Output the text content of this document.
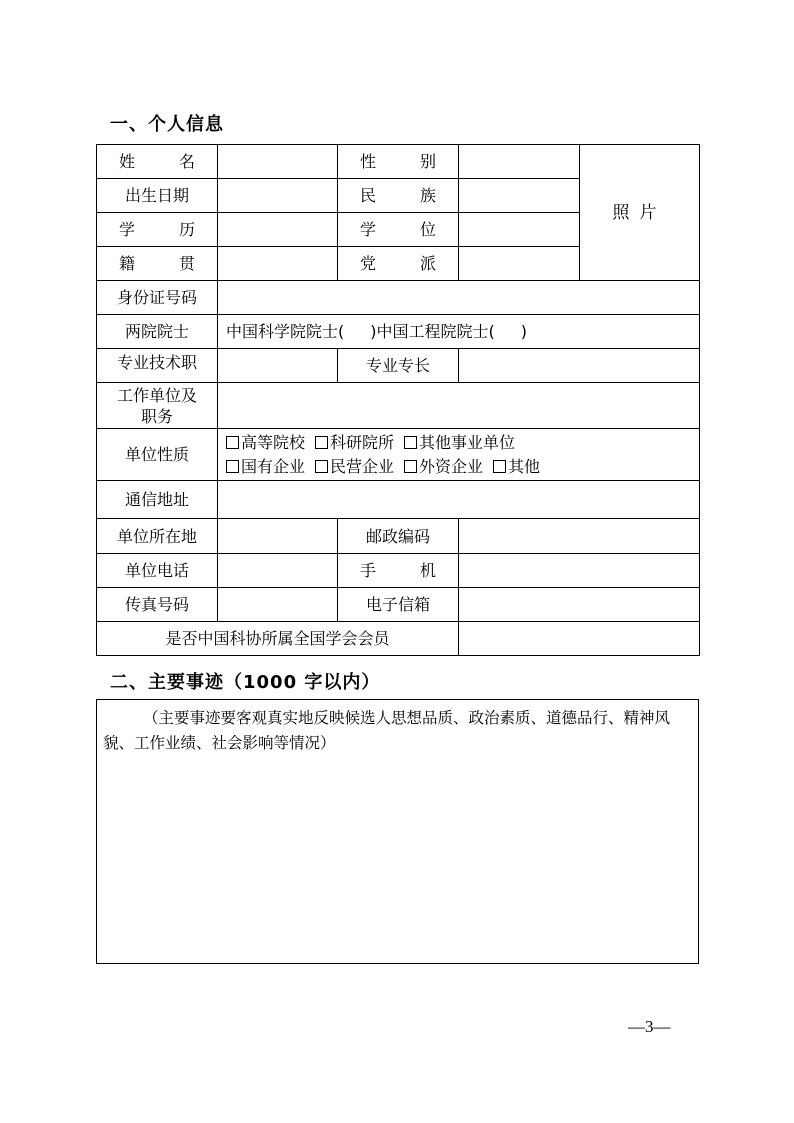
一、个人信息
姓 名		性 别		照片
出生日期		民 族		

学 历		学 位		

籍 贯		党 派		

身份证号码				
两院院士	中国科学院院士( )中国工程院院士( )			
专业技术职		专业专长		
工作单位及
职务				
单位性质	高等院校 科研院所 其他事业单位
国有企业 民营企业 外资企业 其他			
通信地址				
单位所在地		邮政编码		
单位电话		手 机		

传真号码		电子信箱		
是否中国科协所属全国学会会员				
二、主要事迹（1000 字以内）
（主要事迹要客观真实地反映候选人思想品质、政治素质、道德品行、精神风貌、工作业绩、社会影响等情况）
—3—
